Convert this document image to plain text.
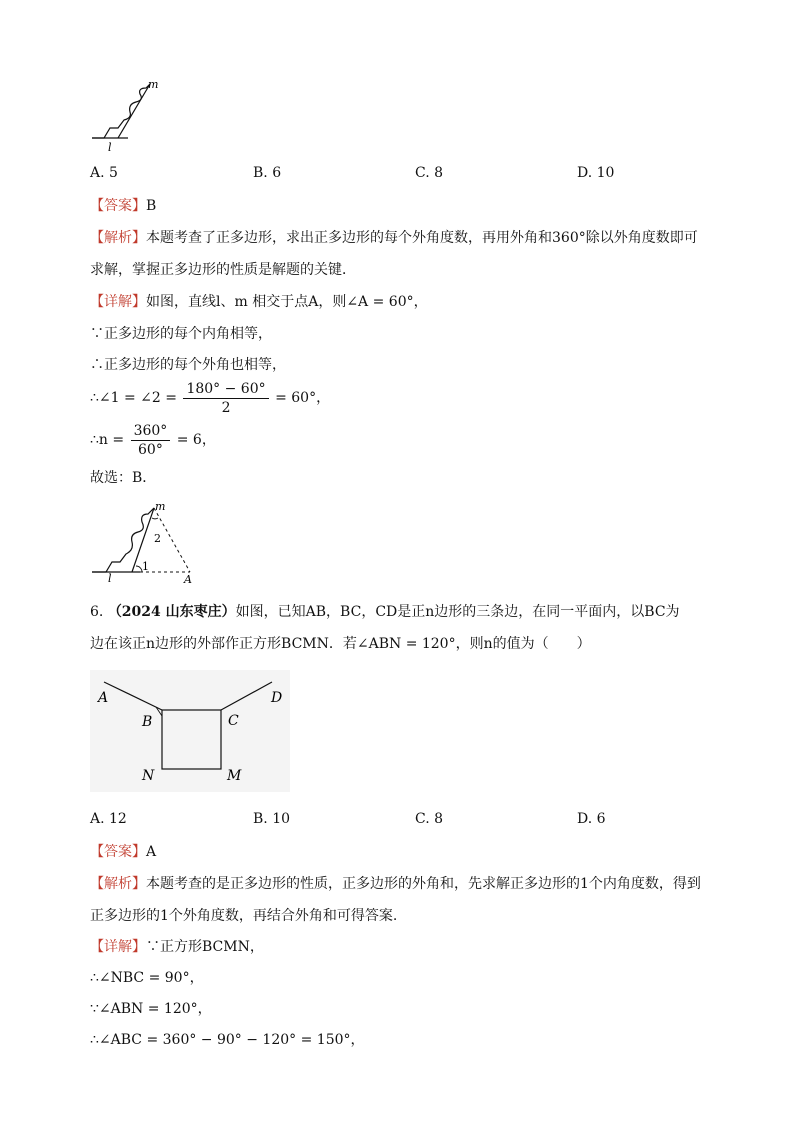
m
l
A. 5	B. 6	C. 8	D. 10
【答案】B
【解析】本题考查了正多边形，求出正多边形的每个外角度数，再用外角和360°除以外角度数即可
求解，掌握正多边形的性质是解题的关键．
【详解】如图，直线l、m 相交于点A，则∠A = 60°，
∵正多边形的每个内角相等，
∴正多边形的每个外角也相等，
∴∠1 = ∠2 = $\frac{180^\circ - 60^\circ}{2} = 60^\circ$，
∴n = $\frac{360^\circ}{60^\circ} = 6$，
故选：B．
m
2
1
l	A
6. （2024 山东枣庄）如图，已知AB，BC，CD是正n边形的三条边，在同一平面内，以BC为
边在该正n边形的外部作正方形BCMN．若∠ABN = 120°，则n的值为（　　）
A
B	C
D
N	M
A. 12	B. 10	C. 8	D. 6
【答案】A
【解析】本题考查的是正多边形的性质，正多边形的外角和，先求解正多边形的1个内角度数，得到
正多边形的1个外角度数，再结合外角和可得答案.
【详解】∵正方形BCMN，
∴∠NBC = 90°，
∵∠ABN = 120°，
∴∠ABC = 360° − 90° − 120° = 150°，
